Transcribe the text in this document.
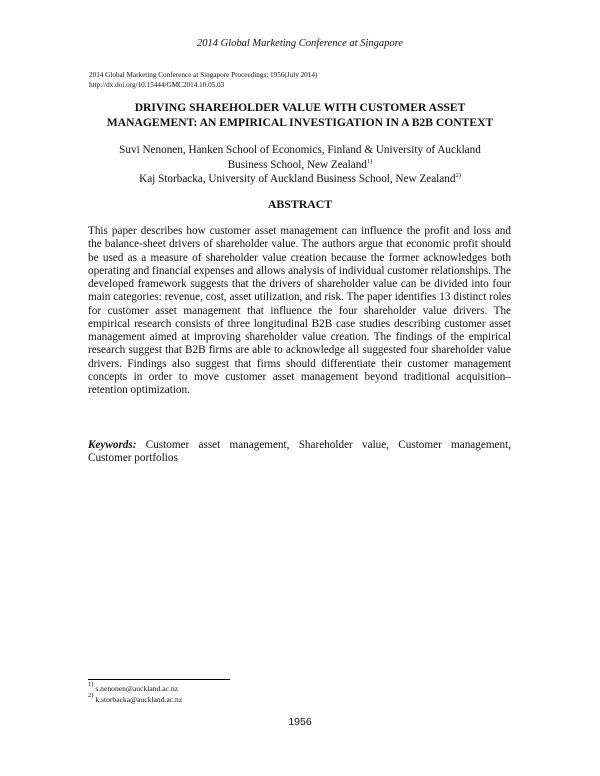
2014 Global Marketing Conference at Singapore
2014 Global Marketing Conference at Singapore Proceedings: 1956(July 2014)
http://dx.doi.org/10.15444/GMC2014.10.05.03
DRIVING SHAREHOLDER VALUE WITH CUSTOMER ASSET
MANAGEMENT: AN EMPIRICAL INVESTIGATION IN A B2B CONTEXT
Suvi Nenonen, Hanken School of Economics, Finland & University of Auckland
Business School, New Zealand$^{1)}$
Kaj Storbacka, University of Auckland Business School, New Zealand$^{2)}$
ABSTRACT
This paper describes how customer asset management can influence the profit and loss and the balance-sheet drivers of shareholder value. The authors argue that economic profit should be used as a measure of shareholder value creation because the former acknowledges both operating and financial expenses and allows analysis of individual customer relationships. The developed framework suggests that the drivers of shareholder value can be divided into four main categories: revenue, cost, asset utilization, and risk. The paper identifies 13 distinct roles for customer asset management that influence the four shareholder value drivers. The empirical research consists of three longitudinal B2B case studies describing customer asset management aimed at improving shareholder value creation. The findings of the empirical research suggest that B2B firms are able to acknowledge all suggested four shareholder value drivers. Findings also suggest that firms should differentiate their customer management concepts in order to move customer asset management beyond traditional acquisition–retention optimization.
Keywords: Customer asset management, Shareholder value, Customer management, Customer portfolios
$^{1)}$ s.nenonen@auckland.ac.nz
$^{2)}$ k.storbacka@auckland.ac.nz
1956
